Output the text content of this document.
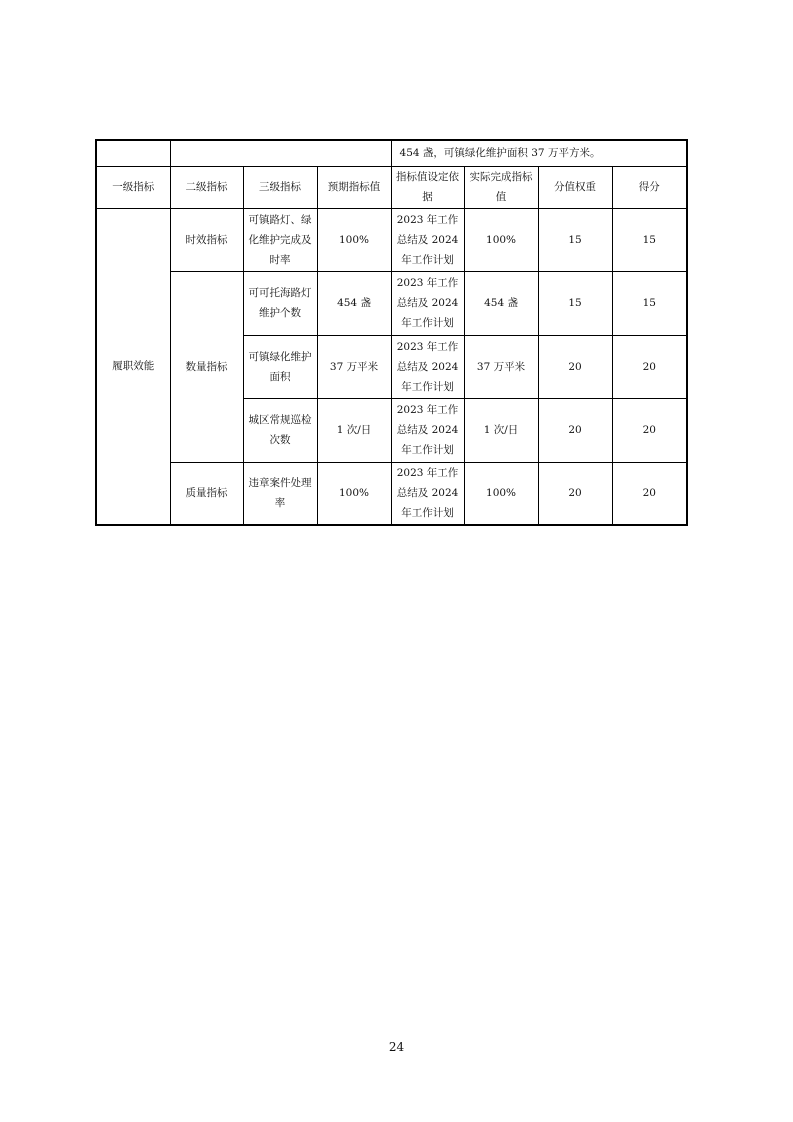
				454 盏，可镇绿化维护面积 37 万平方米。			
一级指标	二级指标	三级指标	预期指标值	指标值设定依据	实际完成指标值	分值权重	得分
履职效能	时效指标	可镇路灯、绿化维护完成及时率	100%	2023 年工作总结及 2024 年工作计划	100%	15	15
	数量指标	可可托海路灯维护个数	454 盏	2023 年工作总结及 2024 年工作计划	454 盏	15	15
		可镇绿化维护面积	37 万平米	2023 年工作总结及 2024 年工作计划	37 万平米	20	20
		城区常规巡检次数	1 次/日	2023 年工作总结及 2024 年工作计划	1 次/日	20	20
	质量指标	违章案件处理率	100%	2023 年工作总结及 2024 年工作计划	100%	20	20
24
